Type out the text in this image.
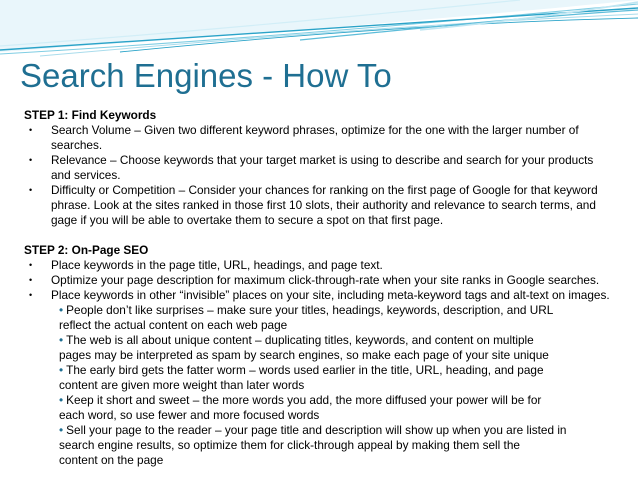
Search Engines - How To
STEP 1: Find Keywords
• Search Volume – Given two different keyword phrases, optimize for the one with the larger number of searches.
• Relevance – Choose keywords that your target market is using to describe and search for your products and services.
• Difficulty or Competition – Consider your chances for ranking on the first page of Google for that keyword phrase. Look at the sites ranked in those first 10 slots, their authority and relevance to search terms, and gage if you will be able to overtake them to secure a spot on that first page.
STEP 2: On-Page SEO
• Place keywords in the page title, URL, headings, and page text.
• Optimize your page description for maximum click-through-rate when your site ranks in Google searches.
• Place keywords in other “invisible” places on your site, including meta-keyword tags and alt-text on images.
• People don’t like surprises – make sure your titles, headings, keywords, description, and URL
reflect the actual content on each web page
• The web is all about unique content – duplicating titles, keywords, and content on multiple
pages may be interpreted as spam by search engines, so make each page of your site unique
• The early bird gets the fatter worm – words used earlier in the title, URL, heading, and page
content are given more weight than later words
• Keep it short and sweet – the more words you add, the more diffused your power will be for
each word, so use fewer and more focused words
• Sell your page to the reader – your page title and description will show up when you are listed in
search engine results, so optimize them for click-through appeal by making them sell the
content on the page
